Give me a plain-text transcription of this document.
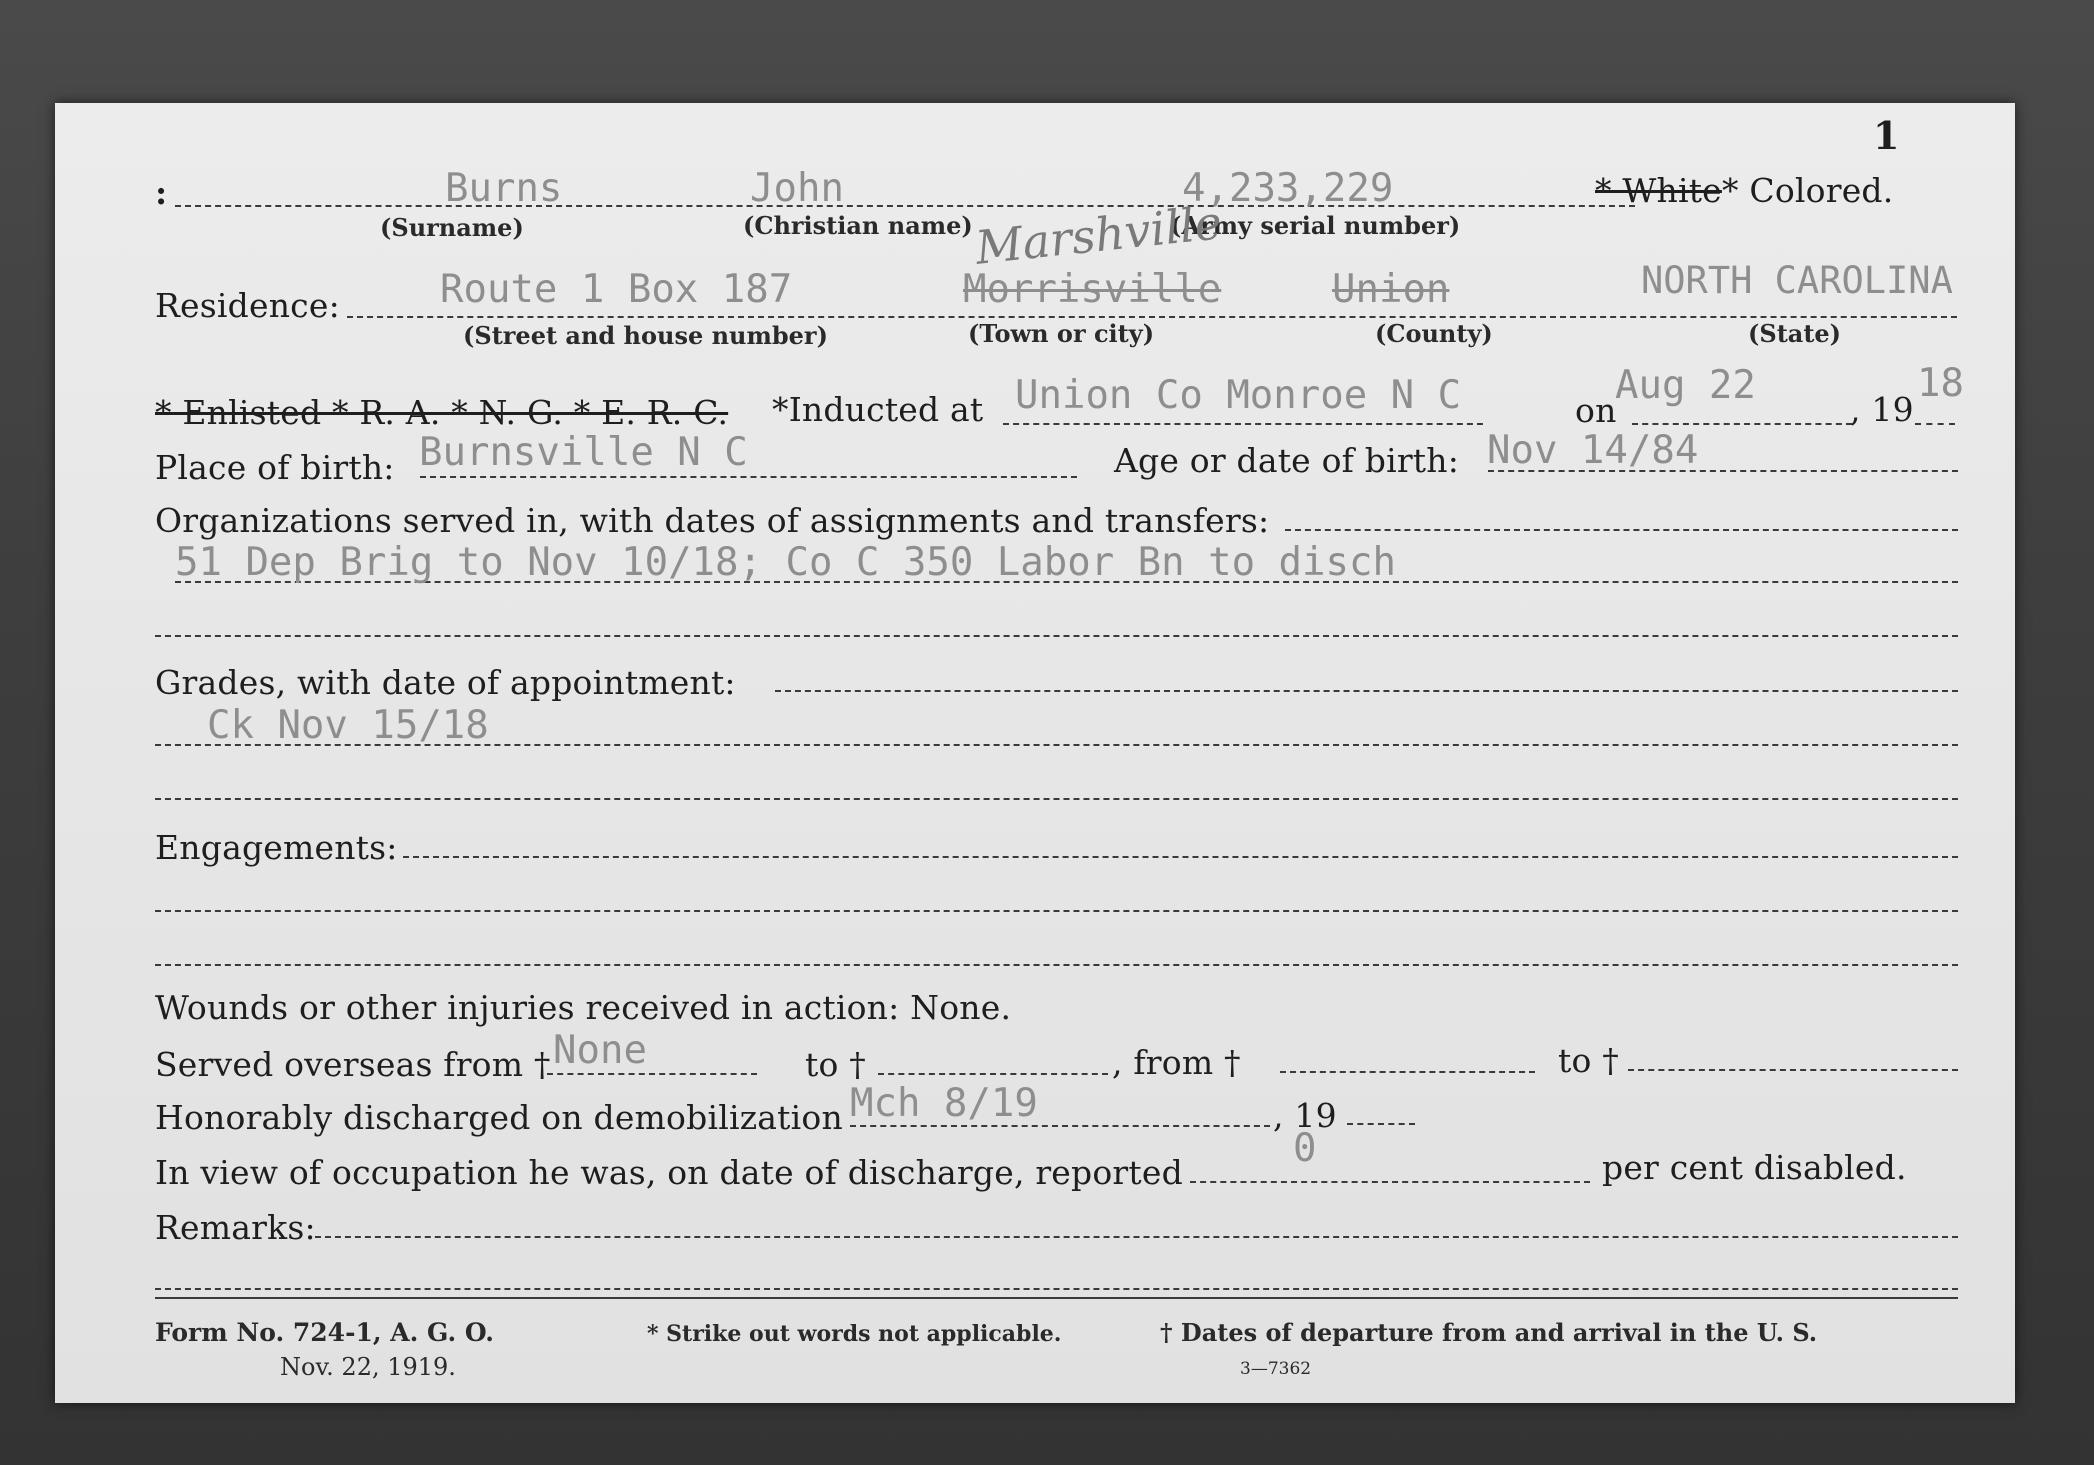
1
:	Burns	John	4,233,229
(Surname)	(Christian name)	(Army serial number)
* White * Colored.
Residence:	Route 1 Box 187	Morrisville
Marshville
Union	NORTH CAROLINA
(Street and house number)	(Town or city)	(County)	(State)
* Enlisted * R. A. * N. G. * E. R. C. *Inducted at Union Co Monroe N C	on
Aug 22
, 19
18
Place of birth: Burnsville N C	Age or date of birth: Nov 14/84
Organizations served in, with dates of assignments and transfers:
51 Dep Brig to Nov 10/18; Co C 350 Labor Bn to disch
Grades, with date of appointment:
Ck Nov 15/18
Engagements:
Wounds or other injuries received in action: None.
Served overseas from † None	to †	, from †	to †
Honorably discharged on demobilization Mch 8/19	, 19
In view of occupation he was, on date of discharge, reported
0	per cent disabled.
Remarks:
Form No. 724-1, A. G. O.
Nov. 22, 1919.
* Strike out words not applicable.	† Dates of departure from and arrival in the U. S.
3—7362
